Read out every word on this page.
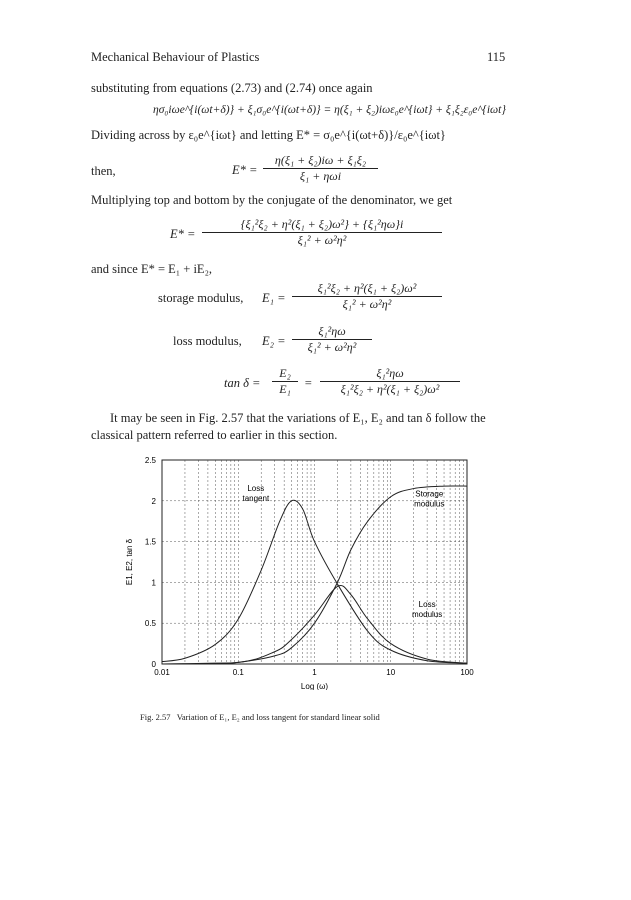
Mechanical Behaviour of Plastics	115
substituting from equations (2.73) and (2.74) once again
ησ₀iωe^{i(ωt+δ)} + ξ₁σ₀e^{i(ωt+δ)} = η(ξ₁ + ξ₂)iωε₀e^{iωt} + ξ₁ξ₂ε₀e^{iωt}
Dividing across by ε₀e^{iωt} and letting E* = σ₀e^{i(ωt+δ)}/ε₀e^{iωt}
then,	E* =
η(ξ₁ + ξ₂)iω + ξ₁ξ₂
ξ₁ + ηωi
Multiplying top and bottom by the conjugate of the denominator, we get
$E* = \frac{\text{\{ξ₁²ξ₂ + η²(ξ₁ + ξ₂)ω²\} + \{ξ₁²ηω\}i}}{\text{ξ₁² + ω²η²}}$
and since E* = E₁ + iE₂,
storage modulus, $E_1 = \frac{\text{ξ₁²ξ₂ + η²(ξ₁ + ξ₂)ω²}}{\text{ξ₁² + ω²η²}}$
loss modulus, $E_2 = \frac{\text{ξ₁²ηω}}{\text{ξ₁² + ω²η²}}$
$\tan \delta = \frac{\text{E₂}}{\text{E₁}} = \frac{\text{ξ₁²ηω}}{\text{ξ₁²ξ₂ + η²(ξ₁ + ξ₂)ω²}}$
It may be seen in Fig. 2.57 that the variations of E₁, E₂ and tan δ follow the
classical pattern referred to earlier in this section.
0
0.5
1
1.5
2
2.5
0.01	0.1	1	10	100
Loss
tangent	Storage
modulus
Loss
modulus
Log (ω)
E1, E2, tan δ
Fig. 2.57 Variation of E₁, E₂ and loss tangent for standard linear solid
